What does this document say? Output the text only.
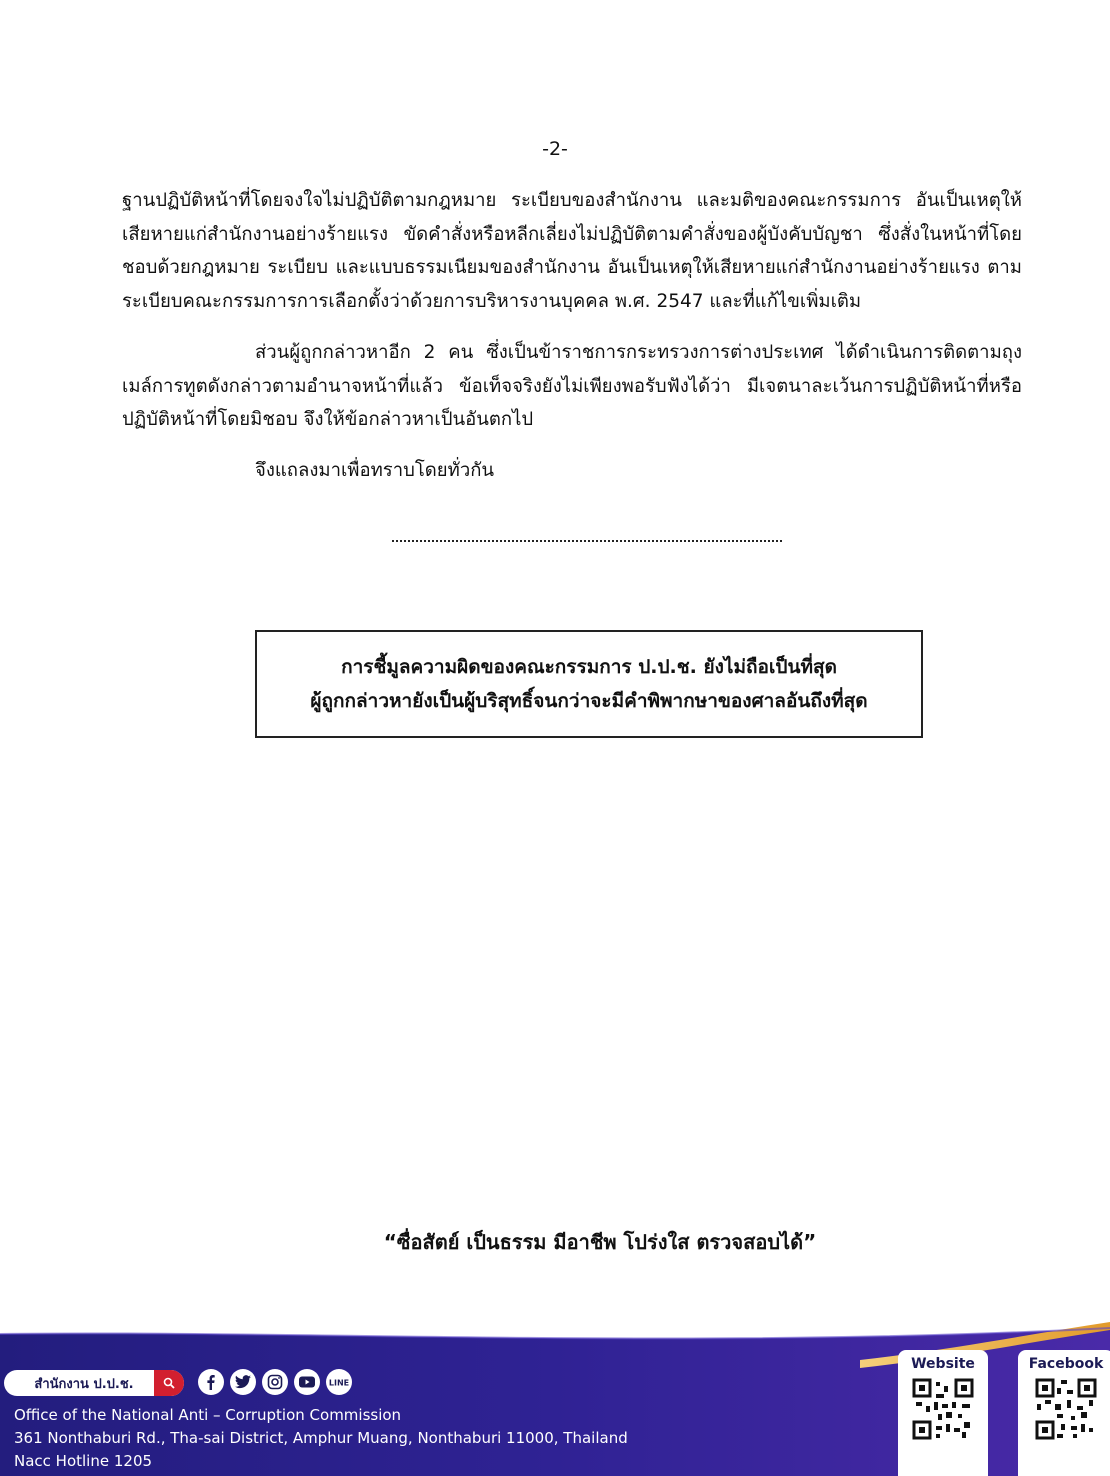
-2-
ฐานปฏิบัติหน้าที่โดยจงใจไม่ปฏิบัติตามกฎหมาย ระเบียบของสำนักงาน และมติของคณะกรรมการ อันเป็นเหตุให้เสียหายแก่สำนักงานอย่างร้ายแรง ขัดคำสั่งหรือหลีกเลี่ยงไม่ปฏิบัติตามคำสั่งของผู้บังคับบัญชา ซึ่งสั่งในหน้าที่โดยชอบด้วยกฎหมาย ระเบียบ และแบบธรรมเนียมของสำนักงาน อันเป็นเหตุให้เสียหายแก่สำนักงานอย่างร้ายแรง ตามระเบียบคณะกรรมการการเลือกตั้งว่าด้วยการบริหารงานบุคคล พ.ศ. 2547 และที่แก้ไขเพิ่มเติม
ส่วนผู้ถูกกล่าวหาอีก 2 คน ซึ่งเป็นข้าราชการกระทรวงการต่างประเทศ ได้ดำเนินการติดตามถุงเมล์การทูตดังกล่าวตามอำนาจหน้าที่แล้ว ข้อเท็จจริงยังไม่เพียงพอรับฟังได้ว่า มีเจตนาละเว้นการปฏิบัติหน้าที่หรือปฏิบัติหน้าที่โดยมิชอบ จึงให้ข้อกล่าวหาเป็นอันตกไป
จึงแถลงมาเพื่อทราบโดยทั่วกัน
การชี้มูลความผิดของคณะกรรมการ ป.ป.ช. ยังไม่ถือเป็นที่สุด
ผู้ถูกกล่าวหายังเป็นผู้บริสุทธิ์จนกว่าจะมีคำพิพากษาของศาลอันถึงที่สุด
“ซื่อสัตย์ เป็นธรรม มีอาชีพ โปร่งใส ตรวจสอบได้”
สำนักงาน ป.ป.ช.	LINE
Office of the National Anti – Corruption Commission
361 Nonthaburi Rd., Tha-sai District, Amphur Muang, Nonthaburi 11000, Thailand
Nacc Hotline 1205
Website	Facebook
